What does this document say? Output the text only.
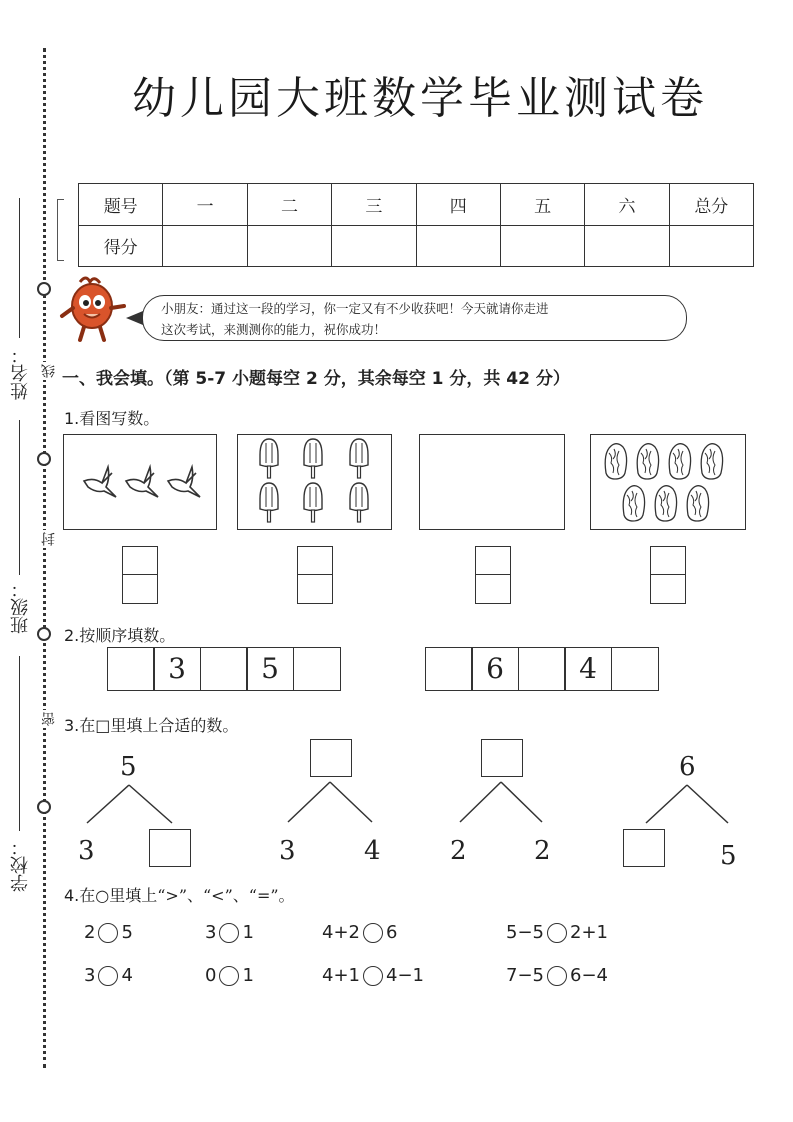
线
封
密
姓名：
班级：
学校：
幼儿园大班数学毕业测试卷
题号	一	二	三	四	五	六	总分
得分							
小朋友：通过这一段的学习，你一定又有不少收获吧！今天就请你走进
这次考试，来测测你的能力，祝你成功！
一、我会填。（第 5-7 小题每空 2 分，其余每空 1 分，共 42 分）
1.看图写数。
2.按顺序填数。
3	5	6	4
3.在□里填上合适的数。
5
3	3	4	2	2
6
5
4.在○里填上“>”、“<”、“=”。
2 5	3 1	4+2 6	5−5 2+1
3 4	0 1	4+1 4−1	7−5 6−4
